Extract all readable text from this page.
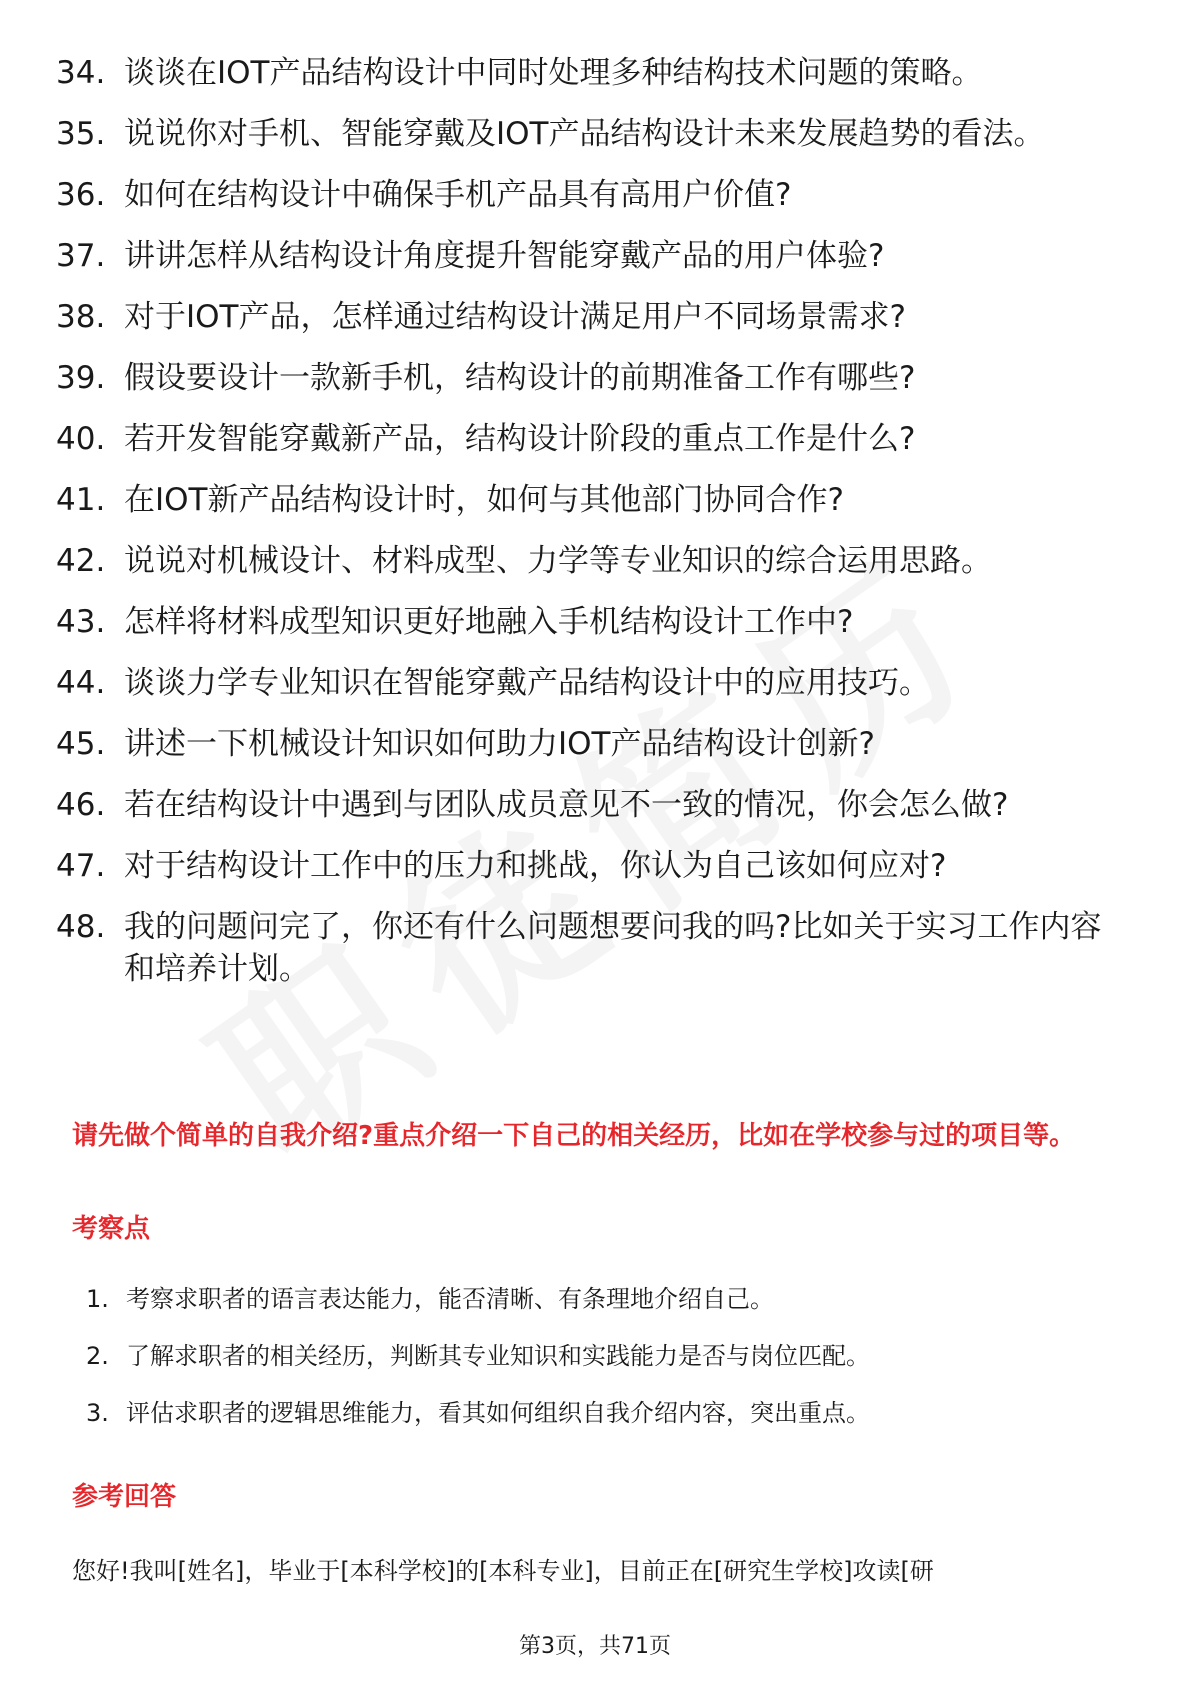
34. 谈谈在IOT产品结构设计中同时处理多种结构技术问题的策略。
35. 说说你对手机、智能穿戴及IOT产品结构设计未来发展趋势的看法。
36. 如何在结构设计中确保手机产品具有高用户价值?
37. 讲讲怎样从结构设计角度提升智能穿戴产品的用户体验?
38. 对于IOT产品，怎样通过结构设计满足用户不同场景需求?
39. 假设要设计一款新手机，结构设计的前期准备工作有哪些?
40. 若开发智能穿戴新产品，结构设计阶段的重点工作是什么?
41. 在IOT新产品结构设计时，如何与其他部门协同合作?
42. 说说对机械设计、材料成型、力学等专业知识的综合运用思路。
43. 怎样将材料成型知识更好地融入手机结构设计工作中?
44. 谈谈力学专业知识在智能穿戴产品结构设计中的应用技巧。
45. 讲述一下机械设计知识如何助力IOT产品结构设计创新?
46. 若在结构设计中遇到与团队成员意见不一致的情况，你会怎么做?
47. 对于结构设计工作中的压力和挑战，你认为自己该如何应对?
48. 我的问题问完了，你还有什么问题想要问我的吗?比如关于实习工作内容和培养计划。
请先做个简单的自我介绍?重点介绍一下自己的相关经历，比如在学校参与过的项目等。
考察点
1. 考察求职者的语言表达能力，能否清晰、有条理地介绍自己。
2. 了解求职者的相关经历，判断其专业知识和实践能力是否与岗位匹配。
3. 评估求职者的逻辑思维能力，看其如何组织自我介绍内容，突出重点。
参考回答
您好!我叫[姓名]，毕业于[本科学校]的[本科专业]，目前正在[研究生学校]攻读[研
第3页，共71页
